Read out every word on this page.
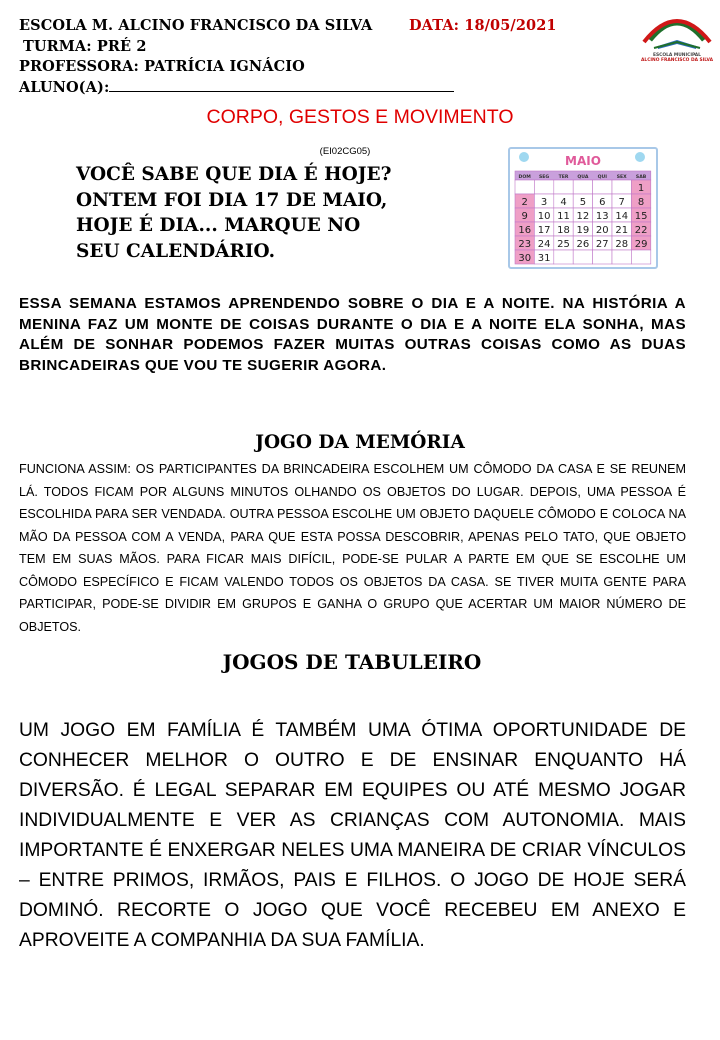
ESCOLA M. ALCINO FRANCISCO DA SILVA	DATA: 18/05/2021
TURMA: PRÉ 2
PROFESSORA: PATRÍCIA IGNÁCIO
ALUNO(A):
E.M.A.F.S
ESCOLA MUNICIPAL
ALCINO FRANCISCO DA SILVA
CORPO, GESTOS E MOVIMENTO
(EI02CG05)
VOCÊ SABE QUE DIA É HOJE?
ONTEM FOI DIA 17 DE MAIO,
HOJE É DIA... MARQUE NO
SEU CALENDÁRIO.
MAIO
DOM SEG TER QUA QUI SEX SAB
1
2 3 4 5 6 7 8
9 10 11 12 13 14 15
16 17 18 19 20 21 22
23 24 25 26 27 28 29
30 31
ESSA SEMANA ESTAMOS APRENDENDO SOBRE O DIA E A NOITE. NA HISTÓRIA A MENINA FAZ UM MONTE DE COISAS DURANTE O DIA E A NOITE ELA SONHA, MAS ALÉM DE SONHAR PODEMOS FAZER MUITAS OUTRAS COISAS COMO AS DUAS BRINCADEIRAS QUE VOU TE SUGERIR AGORA.
JOGO DA MEMÓRIA
FUNCIONA ASSIM: OS PARTICIPANTES DA BRINCADEIRA ESCOLHEM UM CÔMODO DA CASA E SE REUNEM LÁ. TODOS FICAM POR ALGUNS MINUTOS OLHANDO OS OBJETOS DO LUGAR. DEPOIS, UMA PESSOA É ESCOLHIDA PARA SER VENDADA. OUTRA PESSOA ESCOLHE UM OBJETO DAQUELE CÔMODO E COLOCA NA MÃO DA PESSOA COM A VENDA, PARA QUE ESTA POSSA DESCOBRIR, APENAS PELO TATO, QUE OBJETO TEM EM SUAS MÃOS. PARA FICAR MAIS DIFÍCIL, PODE-SE PULAR A PARTE EM QUE SE ESCOLHE UM CÔMODO ESPECÍFICO E FICAM VALENDO TODOS OS OBJETOS DA CASA. SE TIVER MUITA GENTE PARA PARTICIPAR, PODE-SE DIVIDIR EM GRUPOS E GANHA O GRUPO QUE ACERTAR UM MAIOR NÚMERO DE OBJETOS.
JOGOS DE TABULEIRO
UM JOGO EM FAMÍLIA É TAMBÉM UMA ÓTIMA OPORTUNIDADE DE CONHECER MELHOR O OUTRO E DE ENSINAR ENQUANTO HÁ DIVERSÃO. É LEGAL SEPARAR EM EQUIPES OU ATÉ MESMO JOGAR INDIVIDUALMENTE E VER AS CRIANÇAS COM AUTONOMIA. MAIS IMPORTANTE É ENXERGAR NELES UMA MANEIRA DE CRIAR VÍNCULOS – ENTRE PRIMOS, IRMÃOS, PAIS E FILHOS. O JOGO DE HOJE SERÁ DOMINÓ. RECORTE O JOGO QUE VOCÊ RECEBEU EM ANEXO E APROVEITE A COMPANHIA DA SUA FAMÍLIA.
